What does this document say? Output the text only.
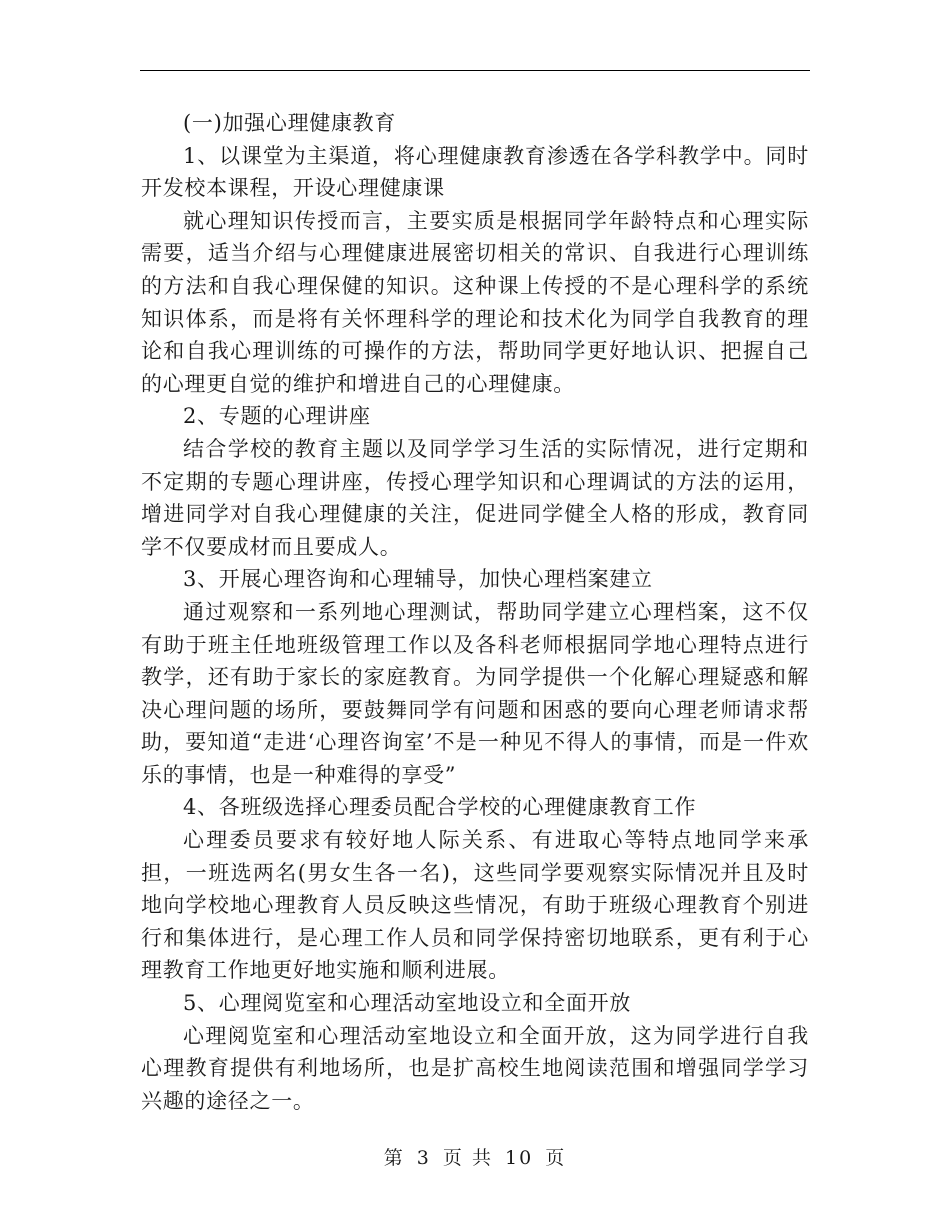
(一)加强心理健康教育

1、以课堂为主渠道，将心理健康教育渗透在各学科教学中。同时开发校本课程，开设心理健康课

就心理知识传授而言，主要实质是根据同学年龄特点和心理实际需要，适当介绍与心理健康进展密切相关的常识、自我进行心理训练的方法和自我心理保健的知识。这种课上传授的不是心理科学的系统知识体系，而是将有关怀理科学的理论和技术化为同学自我教育的理论和自我心理训练的可操作的方法，帮助同学更好地认识、把握自己的心理更自觉的维护和增进自己的心理健康。

2、专题的心理讲座

结合学校的教育主题以及同学学习生活的实际情况，进行定期和不定期的专题心理讲座，传授心理学知识和心理调试的方法的运用，增进同学对自我心理健康的关注，促进同学健全人格的形成，教育同学不仅要成材而且要成人。

3、开展心理咨询和心理辅导，加快心理档案建立

通过观察和一系列地心理测试，帮助同学建立心理档案，这不仅有助于班主任地班级管理工作以及各科老师根据同学地心理特点进行教学，还有助于家长的家庭教育。为同学提供一个化解心理疑惑和解决心理问题的场所，要鼓舞同学有问题和困惑的要向心理老师请求帮助，要知道“走进‘心理咨询室’不是一种见不得人的事情，而是一件欢乐的事情，也是一种难得的享受”

4、各班级选择心理委员配合学校的心理健康教育工作

心理委员要求有较好地人际关系、有进取心等特点地同学来承担，一班选两名(男女生各一名)，这些同学要观察实际情况并且及时地向学校地心理教育人员反映这些情况，有助于班级心理教育个别进行和集体进行，是心理工作人员和同学保持密切地联系，更有利于心理教育工作地更好地实施和顺利进展。

5、心理阅览室和心理活动室地设立和全面开放

心理阅览室和心理活动室地设立和全面开放，这为同学进行自我心理教育提供有利地场所，也是扩高校生地阅读范围和增强同学学习兴趣的途径之一。

第 3 页 共 10 页
